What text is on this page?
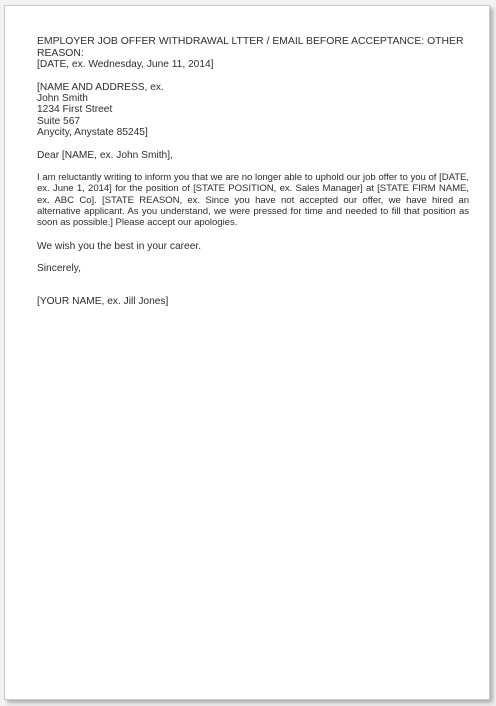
EMPLOYER JOB OFFER WITHDRAWAL LTTER / EMAIL BEFORE ACCEPTANCE: OTHER REASON:

[DATE, ex. Wednesday, June 11, 2014]

[NAME AND ADDRESS, ex.
John Smith
1234 First Street
Suite 567
Anycity, Anystate 85245]

Dear [NAME, ex. John Smith],

I am reluctantly writing to inform you that we are no longer able to uphold our job offer to you of [DATE, ex. June 1, 2014] for the position of [STATE POSITION, ex. Sales Manager] at [STATE FIRM NAME, ex. ABC Co]. [STATE REASON, ex. Since you have not accepted our offer, we have hired an alternative applicant. As you understand, we were pressed for time and needed to fill that position as soon as possible.] Please accept our apologies.

We wish you the best in your career.

Sincerely,

[YOUR NAME, ex. Jill Jones]
